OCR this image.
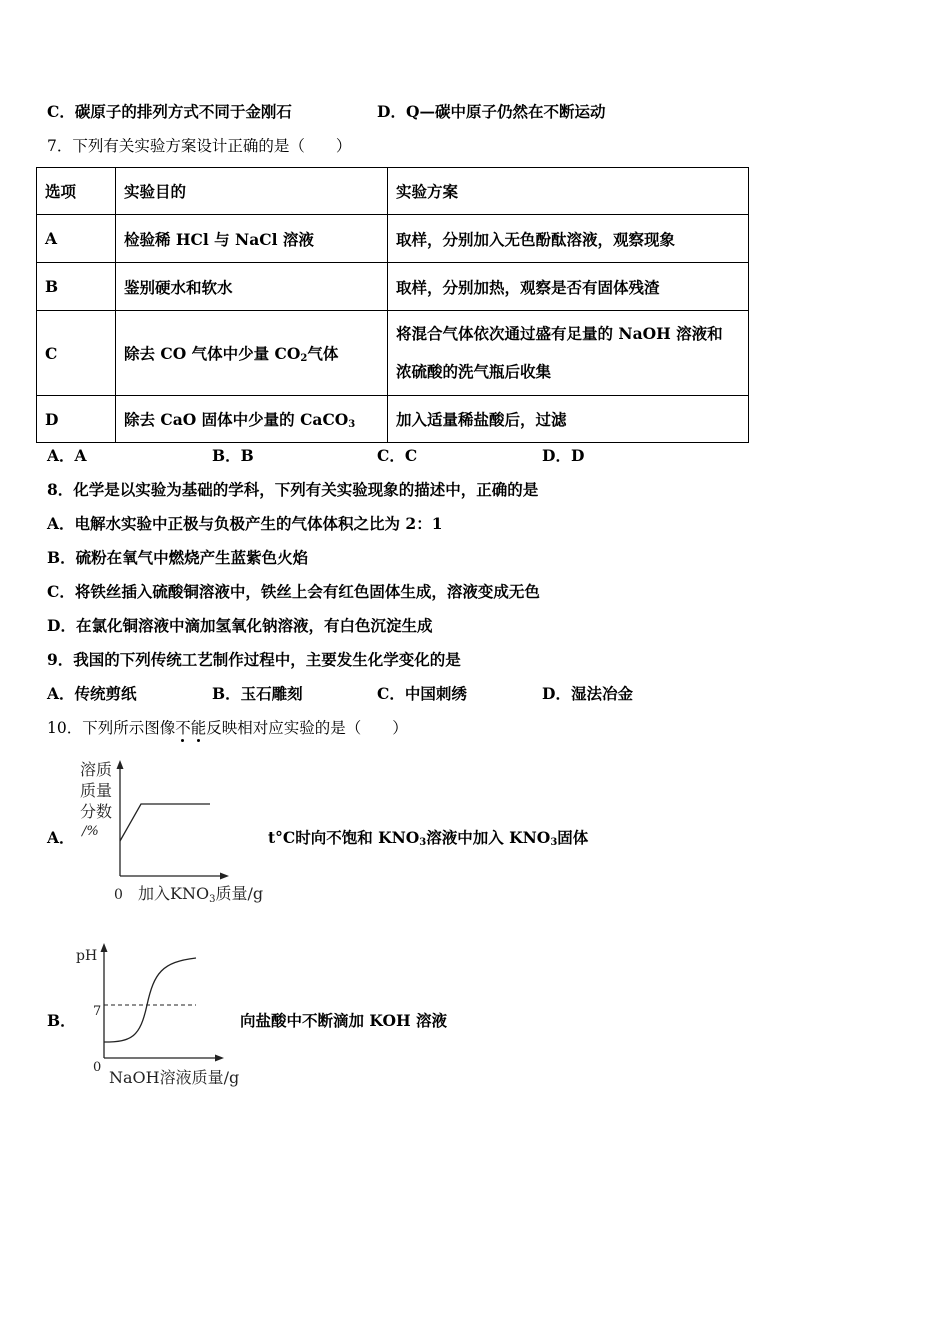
C．碳原子的排列方式不同于金刚石	D．Q—碳中原子仍然在不断运动
7．下列有关实验方案设计正确的是（　　）
选项	实验目的	实验方案
A	检验稀 HCl 与 NaCl 溶液	取样，分别加入无色酚酞溶液，观察现象
B	鉴别硬水和软水	取样，分别加热，观察是否有固体残渣
C	除去 CO 气体中少量 $CO_2$气体	将混合气体依次通过盛有足量的 NaOH 溶液和
浓硫酸的洗气瓶后收集

D	除去 CaO 固体中少量的 CaCO$_3$	加入适量稀盐酸后，过滤
A．A	B．B	C．C	D．D
8．化学是以实验为基础的学科，下列有关实验现象的描述中，正确的是
A．电解水实验中正极与负极产生的气体体积之比为 2：1
B．硫粉在氧气中燃烧产生蓝紫色火焰
C．将铁丝插入硫酸铜溶液中，铁丝上会有红色固体生成，溶液变成无色
D．在氯化铜溶液中滴加氢氧化钠溶液，有白色沉淀生成
9．我国的下列传统工艺制作过程中，主要发生化学变化的是
A．传统剪纸	B．玉石雕刻	C．中国刺绣	D．湿法冶金
10．下列所示图像不能反映相对应实验的是（　　）
A．
溶质
质量
分数
/%
0 加入KNO3质量/g
t°C时向不饱和 $KNO_3$溶液中加入 $KNO_3$固体
B．
pH
7
0
NaOH溶液质量/g
向盐酸中不断滴加 KOH 溶液
